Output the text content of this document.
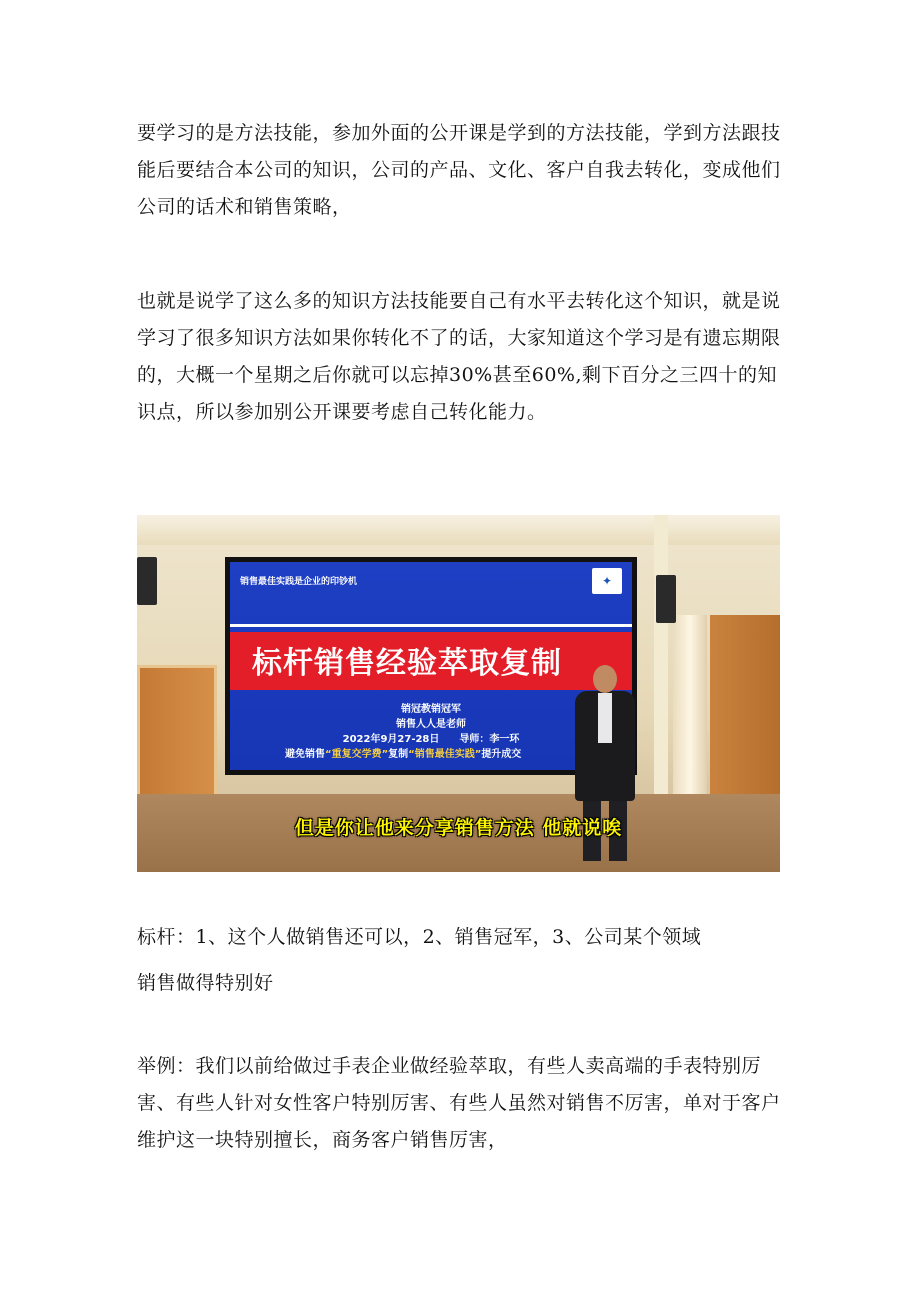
要学习的是方法技能，参加外面的公开课是学到的方法技能，学到方法跟技能后要结合本公司的知识，公司的产品、文化、客户自我去转化，变成他们公司的话术和销售策略，

也就是说学了这么多的知识方法技能要自己有水平去转化这个知识，就是说学习了很多知识方法如果你转化不了的话，大家知道这个学习是有遗忘期限的，大概一个星期之后你就可以忘掉30%甚至60%,剩下百分之三四十的知识点，所以参加别公开课要考虑自己转化能力。

销售最佳实践是企业的印钞机	✦
标杆销售经验萃取复制
销冠教销冠军
销售人人是老师
2022年9月27-28日　　导师：李一环
避免销售“重复交学费”复制“销售最佳实践”提升成交
但是你让他来分享销售方法 他就说唉

标杆：1、这个人做销售还可以，2、销售冠军，3、公司某个领域

销售做得特别好

举例：我们以前给做过手表企业做经验萃取，有些人卖高端的手表特别厉害、有些人针对女性客户特别厉害、有些人虽然对销售不厉害，单对于客户维护这一块特别擅长，商务客户销售厉害，
